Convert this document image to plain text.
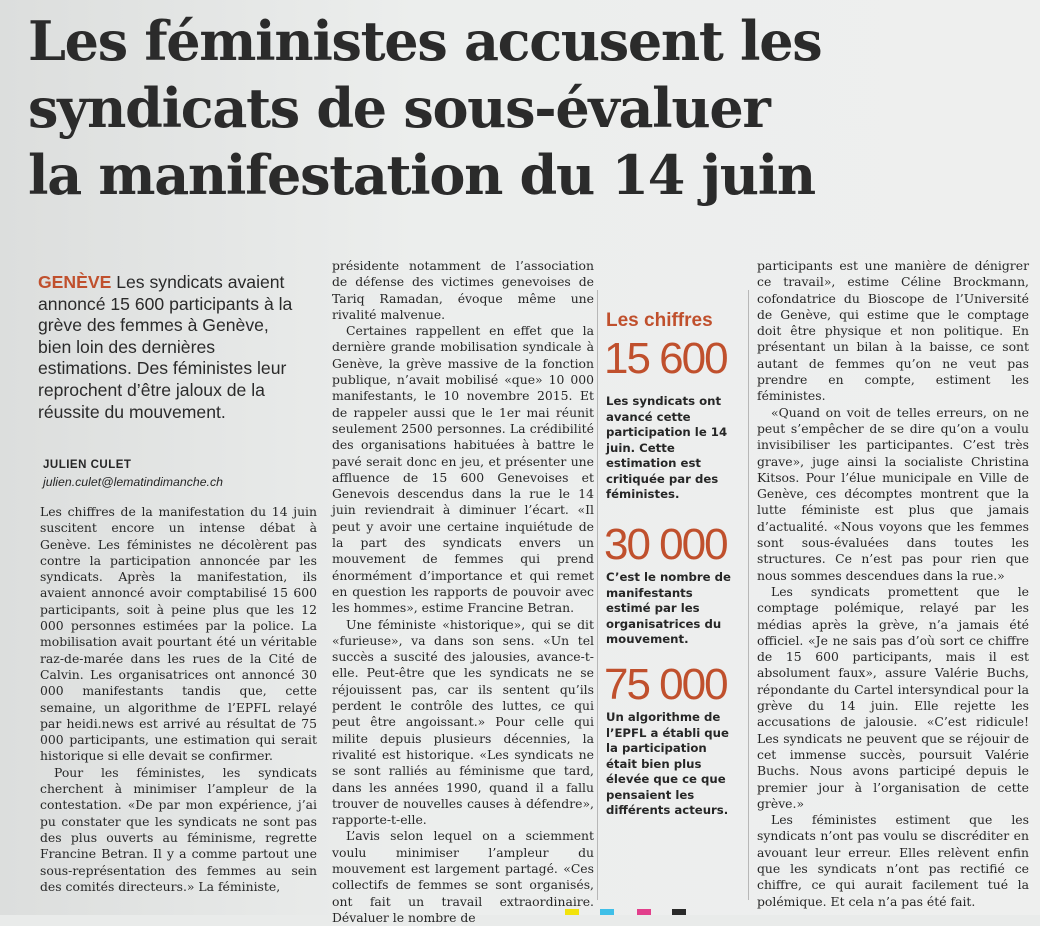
Les féministes accusent les
syndicats de sous-évaluer
la manifestation du 14 juin
GENÈVE Les syndicats avaient annoncé 15 600 participants à la grève des femmes à Genève, bien loin des dernières estimations. Des féministes leur reprochent d’être jaloux de la réussite du mouvement.
JULIEN CULET
julien.culet@lematindimanche.ch

Les chiffres de la manifestation du 14 juin suscitent encore un intense débat à Genève. Les féministes ne décolèrent pas contre la participation annoncée par les syndicats. Après la manifestation, ils avaient annoncé avoir comptabilisé 15 600 participants, soit à peine plus que les 12 000 personnes estimées par la police. La mobilisation avait pourtant été un véritable raz-de-marée dans les rues de la Cité de Calvin. Les organisatrices ont annoncé 30 000 manifestants tandis que, cette semaine, un algorithme de l’EPFL relayé par heidi.news est arrivé au résultat de 75 000 participants, une estimation qui serait historique si elle devait se confirmer.

Pour les féministes, les syndicats cherchent à minimiser l’ampleur de la contestation. «De par mon expérience, j’ai pu constater que les syndicats ne sont pas des plus ouverts au féminisme, regrette Francine Betran. Il y a comme partout une sous-représentation des femmes au sein des comités directeurs.» La féministe,

présidente notamment de l’association de défense des victimes genevoises de Tariq Ramadan, évoque même une rivalité malvenue.

Certaines rappellent en effet que la dernière grande mobilisation syndicale à Genève, la grève massive de la fonction publique, n’avait mobilisé «que» 10 000 manifestants, le 10 novembre 2015. Et de rappeler aussi que le 1er mai réunit seulement 2500 personnes. La crédibilité des organisations habituées à battre le pavé serait donc en jeu, et présenter une affluence de 15 600 Genevoises et Genevois descendus dans la rue le 14 juin reviendrait à diminuer l’écart. «Il peut y avoir une certaine inquiétude de la part des syndicats envers un mouvement de femmes qui prend énormément d’importance et qui remet en question les rapports de pouvoir avec les hommes», estime Francine Betran.

Une féministe «historique», qui se dit «furieuse», va dans son sens. «Un tel succès a suscité des jalousies, avance-t-elle. Peut-être que les syndicats ne se réjouissent pas, car ils sentent qu’ils perdent le contrôle des luttes, ce qui peut être angoissant.» Pour celle qui milite depuis plusieurs décennies, la rivalité est historique. «Les syndicats ne se sont ralliés au féminisme que tard, dans les années 1990, quand il a fallu trouver de nouvelles causes à défendre», rapporte-t-elle.

L’avis selon lequel on a sciemment voulu minimiser l’ampleur du mouvement est largement partagé. «Ces collectifs de femmes se sont organisés, ont fait un travail extraordinaire. Dévaluer le nombre de

Les chiffres
15 600
Les syndicats ont avancé cette participation le 14 juin. Cette estimation est critiquée par des féministes.
30 000
C’est le nombre de manifestants estimé par les organisatrices du mouvement.
75 000
Un algorithme de l’EPFL a établi que la participation était bien plus élevée que ce que pensaient les différents acteurs.

participants est une manière de dénigrer ce travail», estime Céline Brockmann, cofondatrice du Bioscope de l’Université de Genève, qui estime que le comptage doit être physique et non politique. En présentant un bilan à la baisse, ce sont autant de femmes qu’on ne veut pas prendre en compte, estiment les féministes.

«Quand on voit de telles erreurs, on ne peut s’empêcher de se dire qu’on a voulu invisibiliser les participantes. C’est très grave», juge ainsi la socialiste Christina Kitsos. Pour l’élue municipale en Ville de Genève, ces décomptes montrent que la lutte féministe est plus que jamais d’actualité. «Nous voyons que les femmes sont sous-évaluées dans toutes les structures. Ce n’est pas pour rien que nous sommes descendues dans la rue.»

Les syndicats promettent que le comptage polémique, relayé par les médias après la grève, n’a jamais été officiel. «Je ne sais pas d’où sort ce chiffre de 15 600 participants, mais il est absolument faux», assure Valérie Buchs, répondante du Cartel intersyndical pour la grève du 14 juin. Elle rejette les accusations de jalousie. «C’est ridicule! Les syndicats ne peuvent que se réjouir de cet immense succès, poursuit Valérie Buchs. Nous avons participé depuis le premier jour à l’organisation de cette grève.»

Les féministes estiment que les syndicats n’ont pas voulu se discréditer en avouant leur erreur. Elles relèvent enfin que les syndicats n’ont pas rectifié ce chiffre, ce qui aurait facilement tué la polémique. Et cela n’a pas été fait.
